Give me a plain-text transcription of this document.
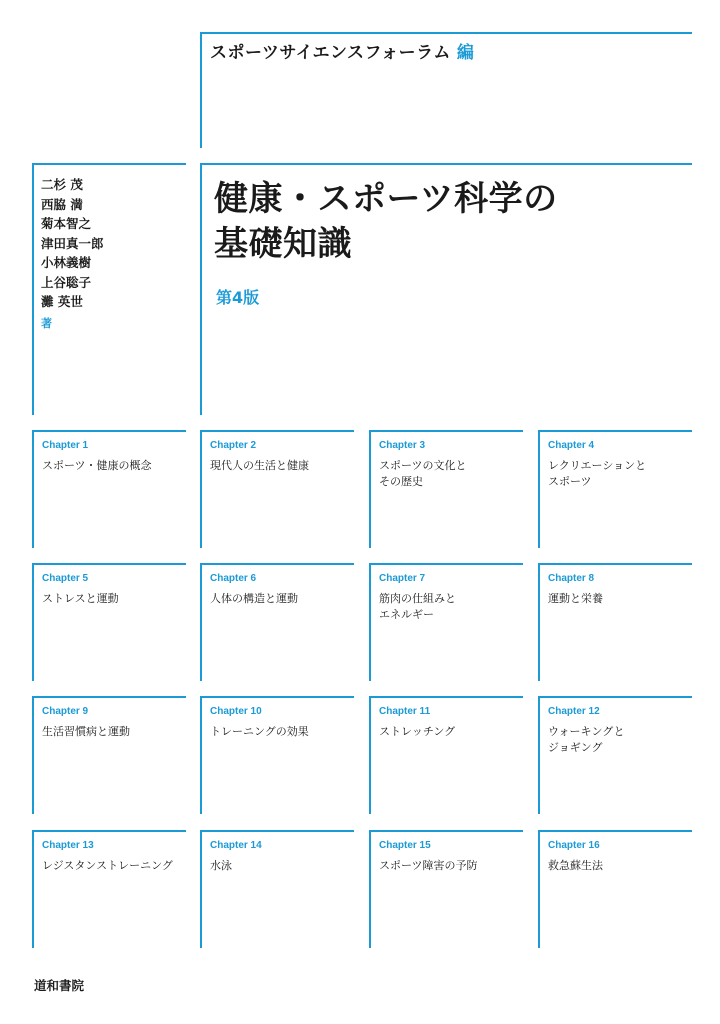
スポーツサイエンスフォーラム 編
二杉 茂
西脇 満
菊本智之
津田真一郎
小林義樹
上谷聡子
灘 英世
著
健康・スポーツ科学の
基礎知識
第4版
Chapter 1
スポーツ・健康の概念
Chapter 2
現代人の生活と健康
Chapter 3
スポーツの文化と
その歴史
Chapter 4
レクリエーションと
スポーツ
Chapter 5
ストレスと運動
Chapter 6
人体の構造と運動
Chapter 7
筋肉の仕組みと
エネルギー
Chapter 8
運動と栄養
Chapter 9
生活習慣病と運動
Chapter 10
トレーニングの効果
Chapter 11
ストレッチング
Chapter 12
ウォーキングと
ジョギング
Chapter 13
レジスタンストレーニング
Chapter 14
水泳
Chapter 15
スポーツ障害の予防
Chapter 16
救急蘇生法
道和書院
